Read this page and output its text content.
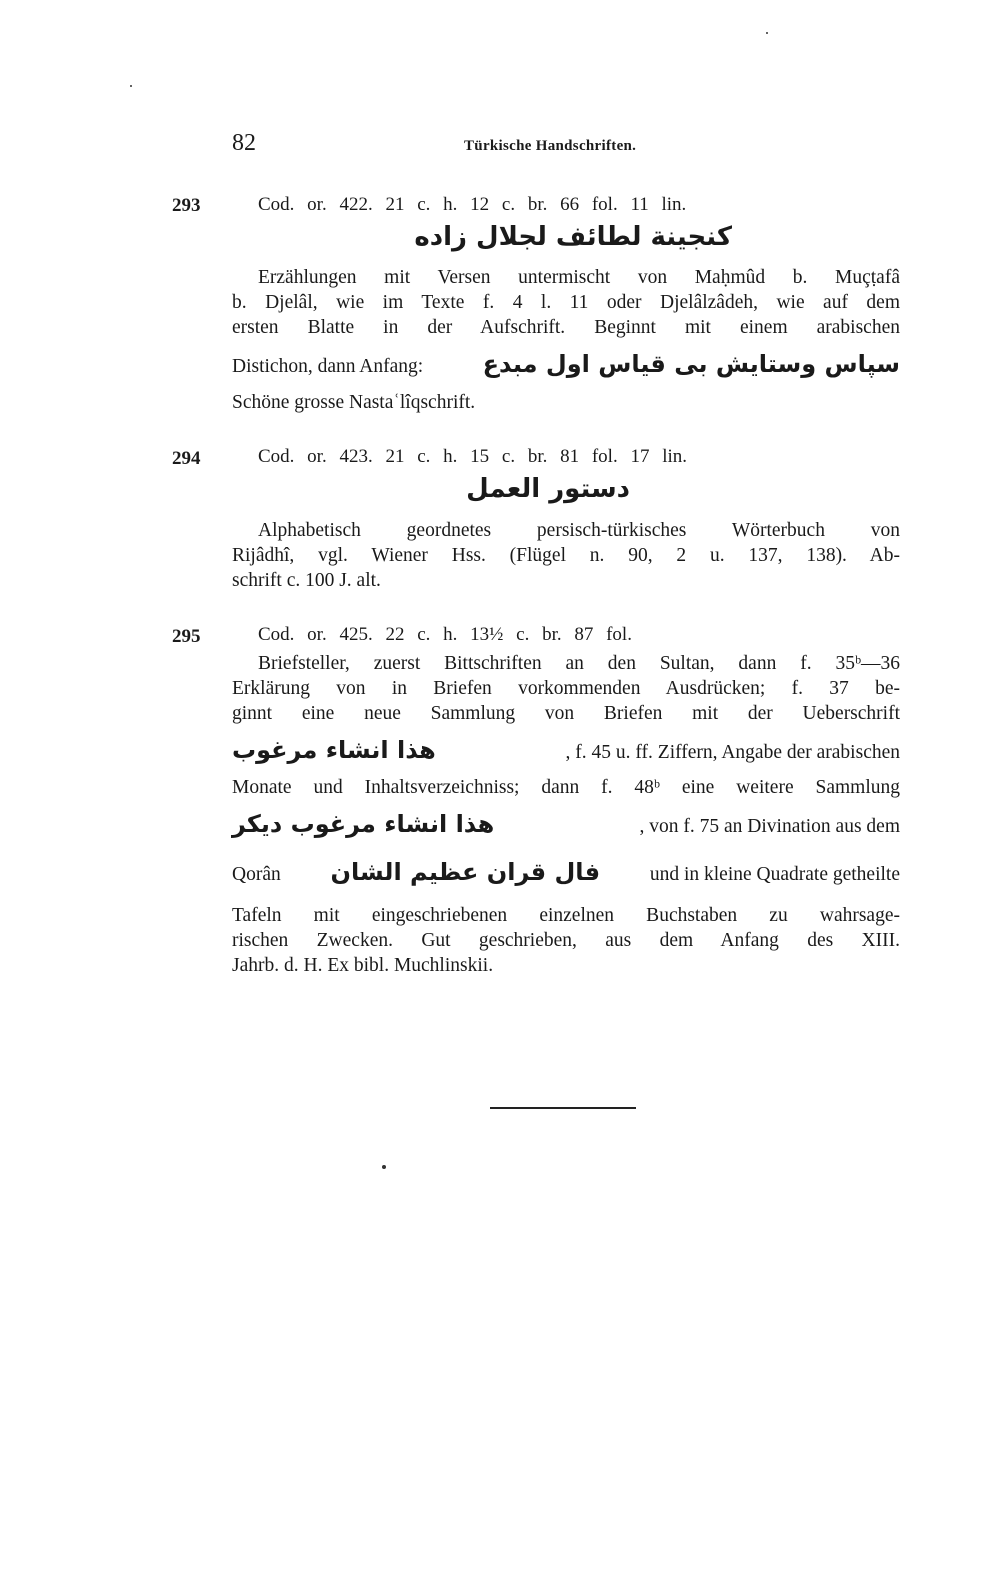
82	Türkische Handschriften.
293	Cod. or. 422. 21 c. h. 12 c. br. 66 fol. 11 lin.
كنجينة لطائف لجلال زاده
Erzählungen mit Versen untermischt von Maḥmûd b. Muçṭafâ
b. Djelâl, wie im Texte f. 4 l. 11 oder Djelâlzâdeh, wie auf dem
ersten Blatte in der Aufschrift. Beginnt mit einem arabischen
Distichon, dann Anfang: سپاس وستایش بی قیاس اول مبدع
Schöne grosse Nastaʿlîqschrift.
294	Cod. or. 423. 21 c. h. 15 c. br. 81 fol. 17 lin.
دستور العمل
Alphabetisch geordnetes persisch-türkisches Wörterbuch von
Rijâdhî, vgl. Wiener Hss. (Flügel n. 90, 2 u. 137, 138). Ab-
schrift c. 100 J. alt.
295	Cod. or. 425. 22 c. h. 13½ c. br. 87 fol.
Briefsteller, zuerst Bittschriften an den Sultan, dann f. 35ᵇ—36
Erklärung von in Briefen vorkommenden Ausdrücken; f. 37 be-
ginnt eine neue Sammlung von Briefen mit der Ueberschrift
هذا انشاء مرغوب	, f. 45 u. ff. Ziffern, Angabe der arabischen
Monate und Inhaltsverzeichniss; dann f. 48ᵇ eine weitere Sammlung
هذا انشاء مرغوب دیکر	, von f. 75 an Divination aus dem
Qorân فال قران عظیم الشان	und in kleine Quadrate getheilte
Tafeln mit eingeschriebenen einzelnen Buchstaben zu wahrsage-
rischen Zwecken. Gut geschrieben, aus dem Anfang des XIII.
Jahrb. d. H. Ex bibl. Muchlinskii.
